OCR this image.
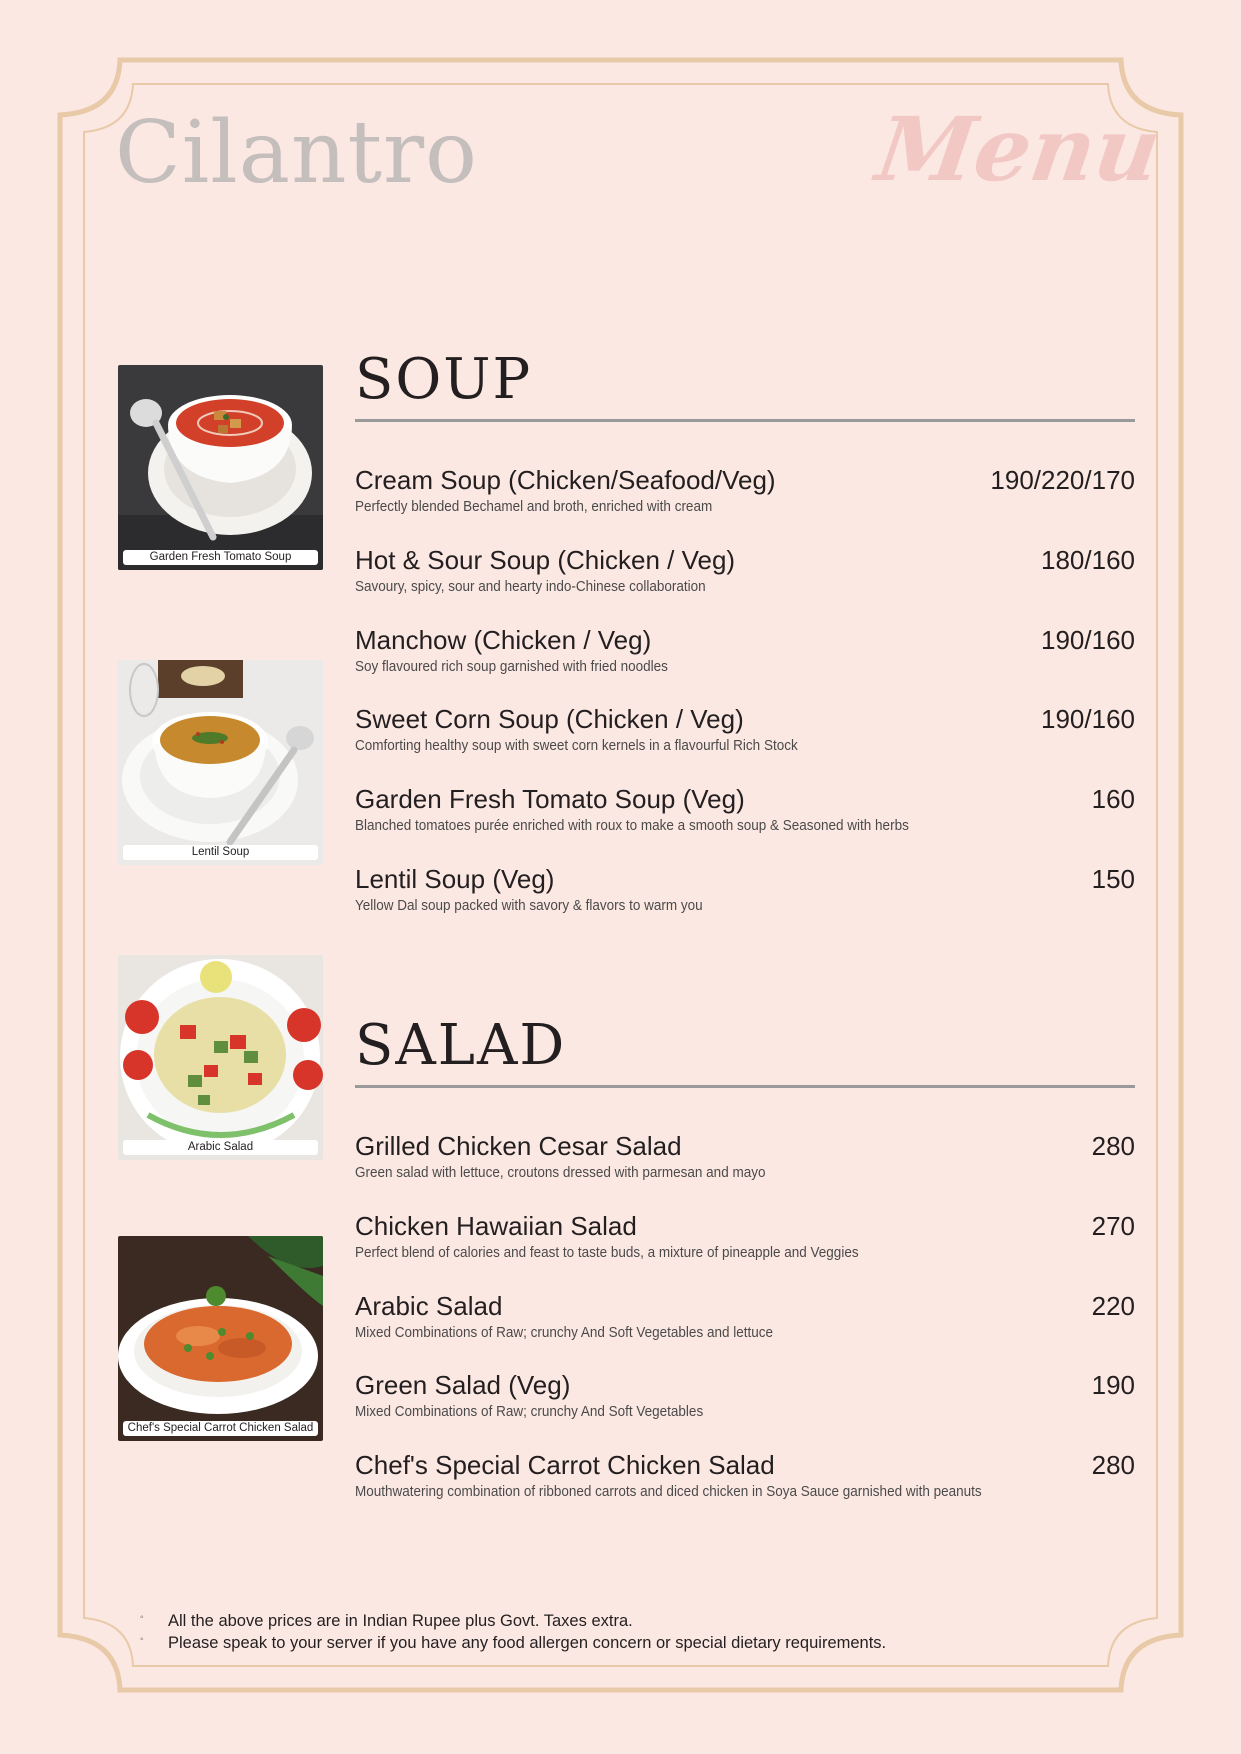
Cilantro	Menu
Garden Fresh Tomato Soup
Lentil Soup
Arabic Salad
Chef's Special Carrot Chicken Salad
SOUP
Cream Soup (Chicken/Seafood/Veg)	190/220/170
Perfectly blended Bechamel and broth, enriched with cream
Hot & Sour Soup (Chicken / Veg)	180/160
Savoury, spicy, sour and hearty indo-Chinese collaboration
Manchow (Chicken / Veg)	190/160
Soy flavoured rich soup garnished with fried noodles
Sweet Corn Soup (Chicken / Veg)	190/160
Comforting healthy soup with sweet corn kernels in a flavourful Rich Stock
Garden Fresh Tomato Soup (Veg)	160
Blanched tomatoes purée enriched with roux to make a smooth soup & Seasoned with herbs
Lentil Soup (Veg)	150
Yellow Dal soup packed with savory & flavors to warm you
SALAD
Grilled Chicken Cesar Salad	280
Green salad with lettuce, croutons dressed with parmesan and mayo
Chicken Hawaiian Salad	270
Perfect blend of calories and feast to taste buds, a mixture of pineapple and Veggies
Arabic Salad	220
Mixed Combinations of Raw; crunchy And Soft Vegetables and lettuce
Green Salad (Veg)	190
Mixed Combinations of Raw; crunchy And Soft Vegetables
Chef's Special Carrot Chicken Salad	280
Mouthwatering combination of ribboned carrots and diced chicken in Soya Sauce garnished with peanuts
◦ All the above prices are in Indian Rupee plus Govt. Taxes extra.
◦ Please speak to your server if you have any food allergen concern or special dietary requirements.
